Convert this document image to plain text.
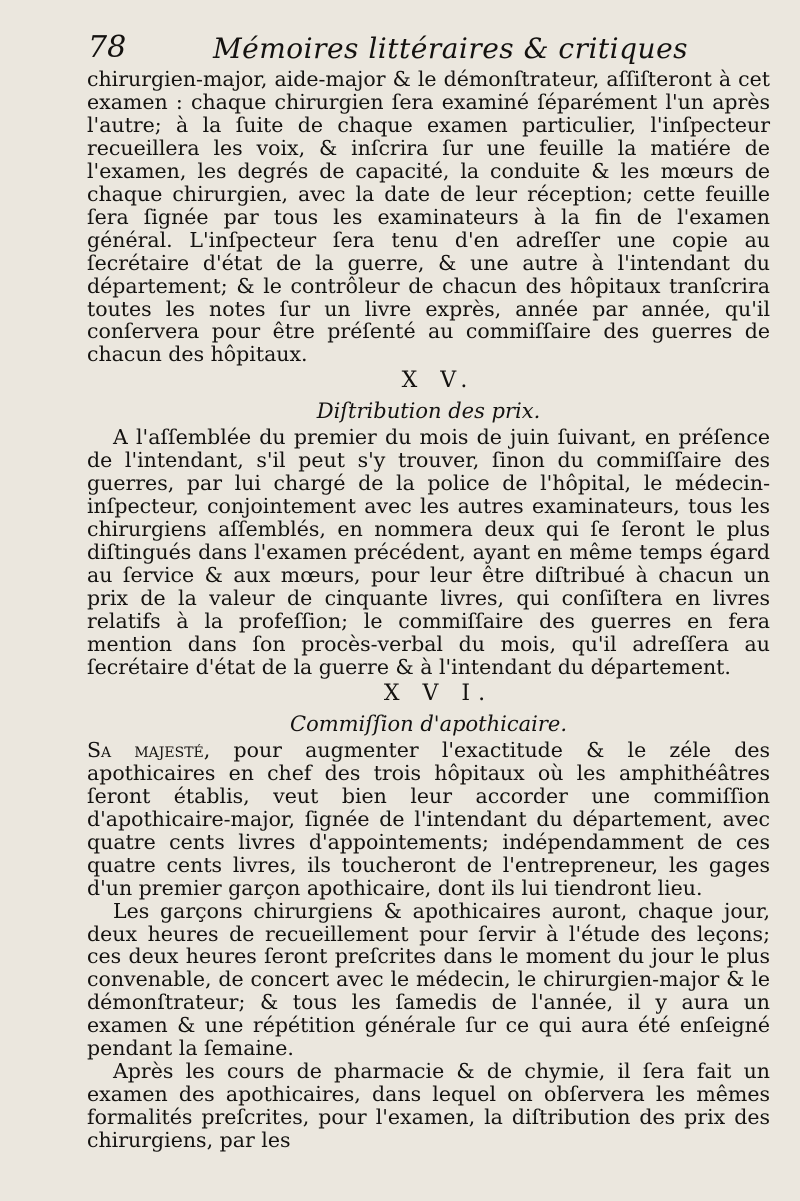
78	Mémoires littéraires & critiques

chirurgien-major, aide-major & le démonſtrateur, aſſiſteront à cet examen : chaque chirurgien ſera examiné ſéparément l'un après l'autre; à la ſuite de chaque examen particulier, l'inſpecteur recueillera les voix, & inſcrira ſur une feuille la matiére de l'examen, les degrés de capacité, la conduite & les mœurs de chaque chirurgien, avec la date de leur réception; cette feuille ſera ſignée par tous les examinateurs à la fin de l'examen général. L'inſpecteur ſera tenu d'en adreſſer une copie au ſecrétaire d'état de la guerre, & une autre à l'intendant du département; & le contrôleur de chacun des hôpitaux tranſcrira toutes les notes ſur un livre exprès, année par année, qu'il conſervera pour être préſenté au commiſſaire des guerres de chacun des hôpitaux.

X V.

Diſtribution des prix.

A l'aſſemblée du premier du mois de juin ſuivant, en préſence de l'intendant, s'il peut s'y trouver, ſinon du commiſſaire des guerres, par lui chargé de la police de l'hôpital, le médecin-inſpecteur, conjointement avec les autres examinateurs, tous les chirurgiens aſſemblés, en nommera deux qui ſe ſeront le plus diſtingués dans l'examen précédent, ayant en même temps égard au ſervice & aux mœurs, pour leur être diſtribué à chacun un prix de la valeur de cinquante livres, qui conſiſtera en livres relatifs à la profeſſion; le commiſſaire des guerres en fera mention dans ſon procès-verbal du mois, qu'il adreſſera au ſecrétaire d'état de la guerre & à l'intendant du département.

X V I.

Commiſſion d'apothicaire.

Sa majesté, pour augmenter l'exactitude & le zéle des apothicaires en chef des trois hôpitaux où les amphithéâtres ſeront établis, veut bien leur accorder une commiſſion d'apothicaire-major, ſignée de l'intendant du département, avec quatre cents livres d'appointements; indépendamment de ces quatre cents livres, ils toucheront de l'entrepreneur, les gages d'un premier garçon apothicaire, dont ils lui tiendront lieu.

Les garçons chirurgiens & apothicaires auront, chaque jour, deux heures de recueillement pour ſervir à l'étude des leçons; ces deux heures ſeront preſcrites dans le moment du jour le plus convenable, de concert avec le médecin, le chirurgien-major & le démonſtrateur; & tous les ſamedis de l'année, il y aura un examen & une répétition générale ſur ce qui aura été enſeigné pendant la ſemaine.

Après les cours de pharmacie & de chymie, il ſera fait un examen des apothicaires, dans lequel on obſervera les mêmes formalités preſcrites, pour l'examen, la diſtribution des prix des chirurgiens, par les
